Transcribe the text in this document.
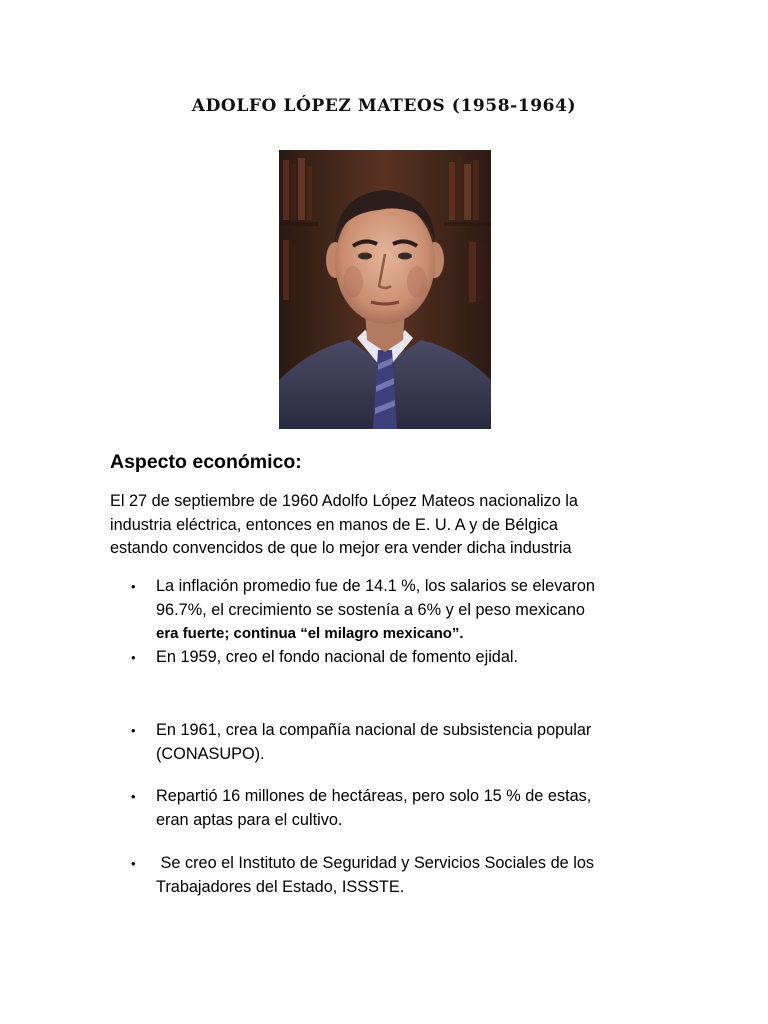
ADOLFO LÓPEZ MATEOS (1958-1964)
Aspecto económico:

El 27 de septiembre de 1960 Adolfo López Mateos nacionalizo la

industria eléctrica, entonces en manos de E. U. A y de Bélgica

estando convencidos de que lo mejor era vender dicha industria

• La inflación promedio fue de 14.1 %, los salarios se elevaron
96.7%, el crecimiento se sostenía a 6% y el peso mexicano
era fuerte; continua “el milagro mexicano”.
• En 1959, creo el fondo nacional de fomento ejidal.
• En 1961, crea la compañía nacional de subsistencia popular
(CONASUPO).
• Repartió 16 millones de hectáreas, pero solo 15 % de estas,
eran aptas para el cultivo.
• Se creo el Instituto de Seguridad y Servicios Sociales de los
Trabajadores del Estado, ISSSTE.
